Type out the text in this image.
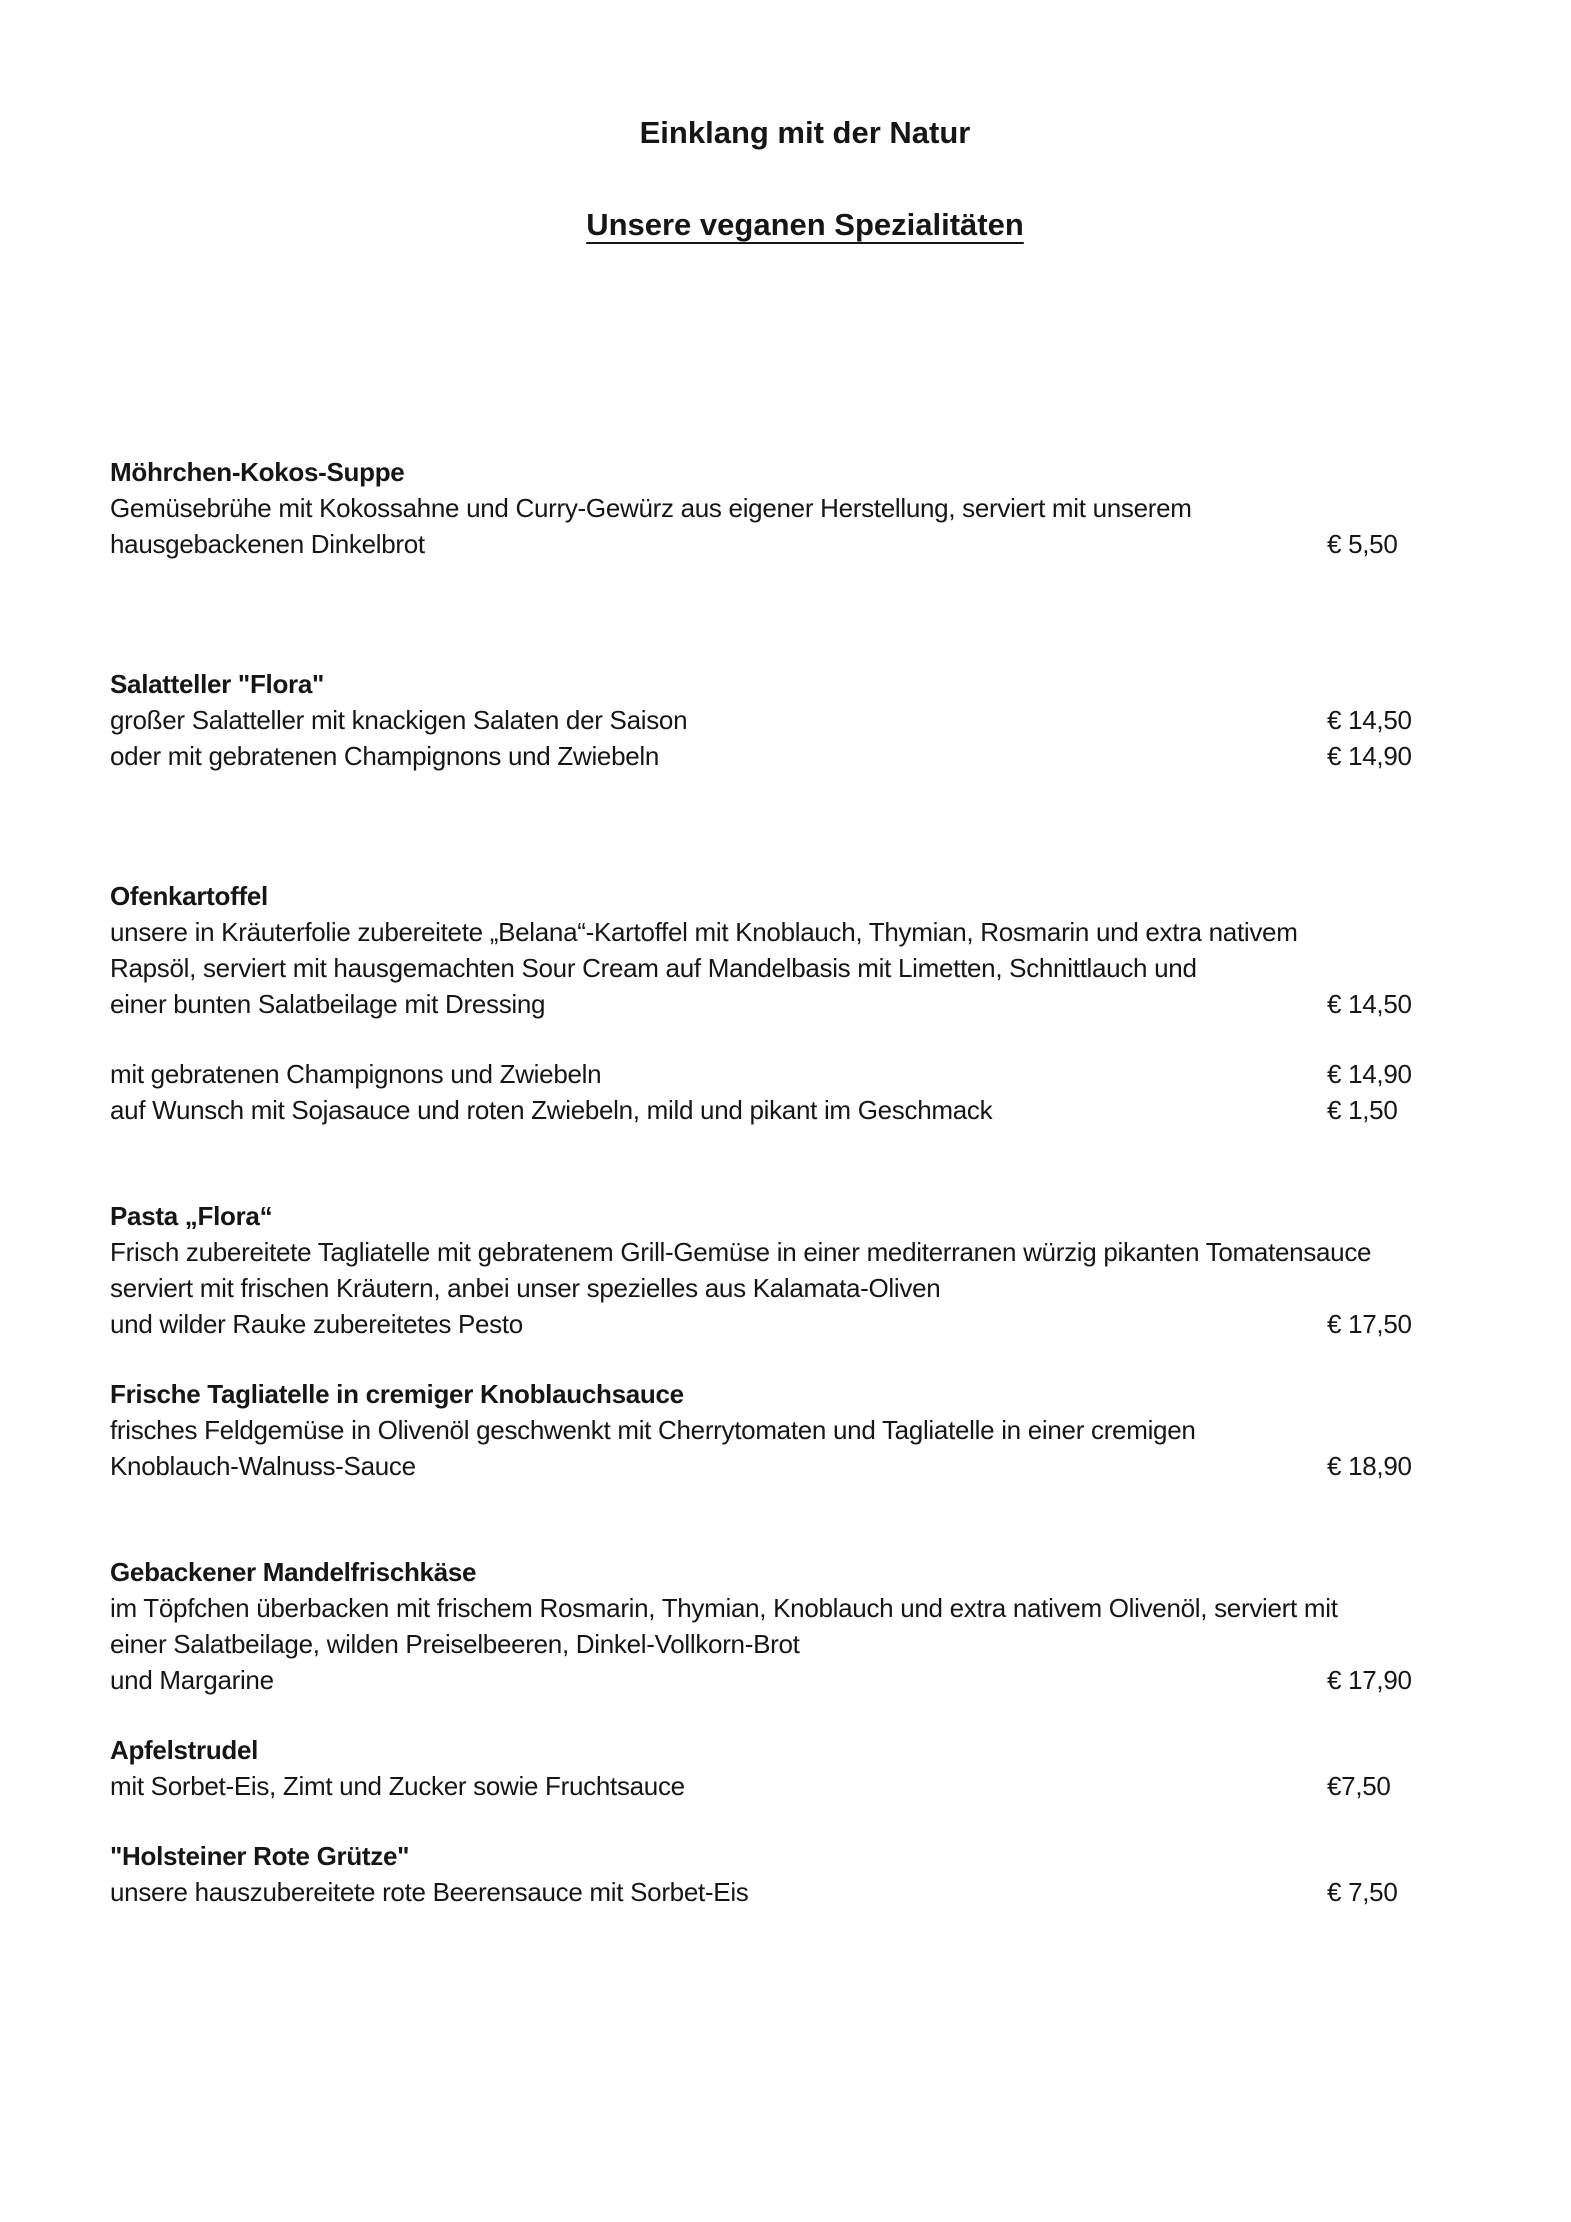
Einklang mit der Natur
Unsere veganen Spezialitäten
Möhrchen-Kokos-Suppe
Gemüsebrühe mit Kokossahne und Curry-Gewürz aus eigener Herstellung, serviert mit unserem
hausgebackenen Dinkelbrot	€ 5,50
Salatteller "Flora"
großer Salatteller mit knackigen Salaten der Saison	€ 14,50
oder mit gebratenen Champignons und Zwiebeln	€ 14,90
Ofenkartoffel
unsere in Kräuterfolie zubereitete „Belana“-Kartoffel mit Knoblauch, Thymian, Rosmarin und extra nativem
Rapsöl, serviert mit hausgemachten Sour Cream auf Mandelbasis mit Limetten, Schnittlauch und
einer bunten Salatbeilage mit Dressing	€ 14,50
mit gebratenen Champignons und Zwiebeln	€ 14,90
auf Wunsch mit Sojasauce und roten Zwiebeln, mild und pikant im Geschmack	€ 1,50
Pasta „Flora“
Frisch zubereitete Tagliatelle mit gebratenem Grill-Gemüse in einer mediterranen würzig pikanten Tomatensauce
serviert mit frischen Kräutern, anbei unser spezielles aus Kalamata-Oliven
und wilder Rauke zubereitetes Pesto	€ 17,50
Frische Tagliatelle in cremiger Knoblauchsauce
frisches Feldgemüse in Olivenöl geschwenkt mit Cherrytomaten und Tagliatelle in einer cremigen
Knoblauch-Walnuss-Sauce	€ 18,90
Gebackener Mandelfrischkäse
im Töpfchen überbacken mit frischem Rosmarin, Thymian, Knoblauch und extra nativem Olivenöl, serviert mit
einer Salatbeilage, wilden Preiselbeeren, Dinkel-Vollkorn-Brot
und Margarine	€ 17,90
Apfelstrudel
mit Sorbet-Eis, Zimt und Zucker sowie Fruchtsauce	€7,50
"Holsteiner Rote Grütze"
unsere hauszubereitete rote Beerensauce mit Sorbet-Eis	€ 7,50
